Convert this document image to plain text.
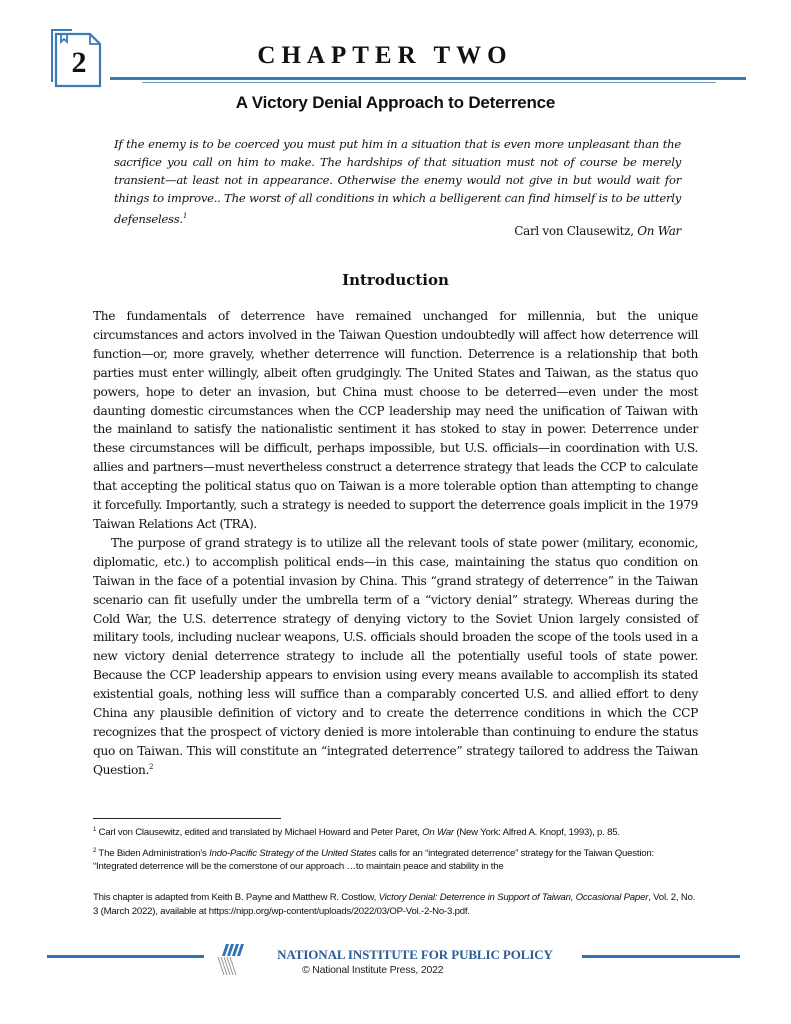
2	CHAPTER TWO
A Victory Denial Approach to Deterrence
If the enemy is to be coerced you must put him in a situation that is even more unpleasant than the sacrifice you call on him to make. The hardships of that situation must not of course be merely transient—at least not in appearance. Otherwise the enemy would not give in but would wait for things to improve.. The worst of all conditions in which a belligerent can find himself is to be utterly defenseless.$^1$
Carl von Clausewitz, On War
Introduction

The fundamentals of deterrence have remained unchanged for millennia, but the unique circumstances and actors involved in the Taiwan Question undoubtedly will affect how deterrence will function—or, more gravely, whether deterrence will function. Deterrence is a relationship that both parties must enter willingly, albeit often grudgingly. The United States and Taiwan, as the status quo powers, hope to deter an invasion, but China must choose to be deterred—even under the most daunting domestic circumstances when the CCP leadership may need the unification of Taiwan with the mainland to satisfy the nationalistic sentiment it has stoked to stay in power. Deterrence under these circumstances will be difficult, perhaps impossible, but U.S. officials—in coordination with U.S. allies and partners—must nevertheless construct a deterrence strategy that leads the CCP to calculate that accepting the political status quo on Taiwan is a more tolerable option than attempting to change it forcefully. Importantly, such a strategy is needed to support the deterrence goals implicit in the 1979 Taiwan Relations Act (TRA).

The purpose of grand strategy is to utilize all the relevant tools of state power (military, economic, diplomatic, etc.) to accomplish political ends—in this case, maintaining the status quo condition on Taiwan in the face of a potential invasion by China. This “grand strategy of deterrence” in the Taiwan scenario can fit usefully under the umbrella term of a “victory denial” strategy. Whereas during the Cold War, the U.S. deterrence strategy of denying victory to the Soviet Union largely consisted of military tools, including nuclear weapons, U.S. officials should broaden the scope of the tools used in a new victory denial deterrence strategy to include all the potentially useful tools of state power. Because the CCP leadership appears to envision using every means available to accomplish its stated existential goals, nothing less will suffice than a comparably concerted U.S. and allied effort to deny China any plausible definition of victory and to create the deterrence conditions in which the CCP recognizes that the prospect of victory denied is more intolerable than continuing to endure the status quo on Taiwan. This will constitute an “integrated deterrence” strategy tailored to address the Taiwan Question.$^2$

$^1$ Carl von Clausewitz, edited and translated by Michael Howard and Peter Paret, On War (New York: Alfred A. Knopf, 1993), p. 85.

$^2$ The Biden Administration’s Indo-Pacific Strategy of the United States calls for an “integrated deterrence” strategy for the Taiwan Question: “Integrated deterrence will be the cornerstone of our approach …to maintain peace and stability in the

This chapter is adapted from Keith B. Payne and Matthew R. Costlow, Victory Denial: Deterrence in Support of Taiwan, Occasional Paper, Vol. 2, No. 3 (March 2022), available at https://nipp.org/wp-content/uploads/2022/03/OP-Vol.-2-No-3.pdf.
NATIONAL INSTITUTE FOR PUBLIC POLICY
© National Institute Press, 2022
